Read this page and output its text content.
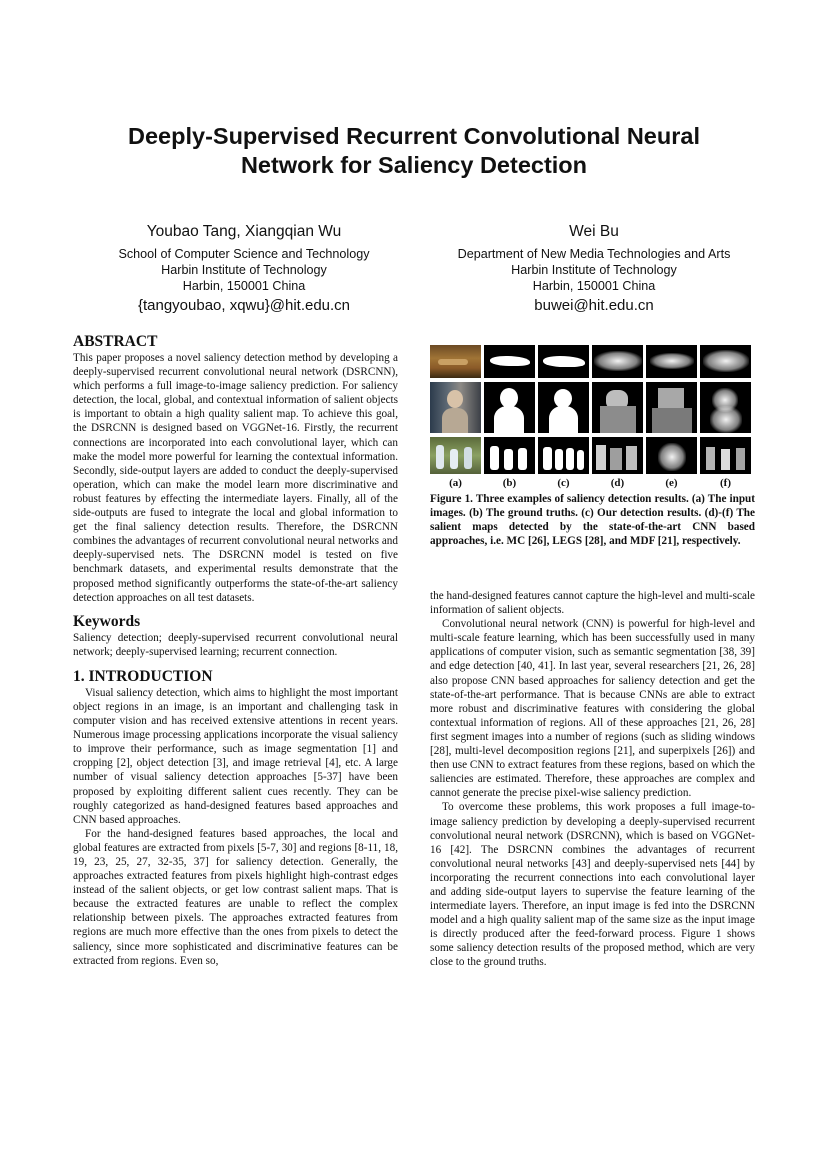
Deeply-Supervised Recurrent Convolutional Neural
Network for Saliency Detection
Youbao Tang, Xiangqian Wu
School of Computer Science and Technology
Harbin Institute of Technology
Harbin, 150001 China
{tangyoubao, xqwu}@hit.edu.cn
Wei Bu
Department of New Media Technologies and Arts
Harbin Institute of Technology
Harbin, 150001 China
buwei@hit.edu.cn
ABSTRACT

This paper proposes a novel saliency detection method by developing a deeply-supervised recurrent convolutional neural network (DSRCNN), which performs a full image-to-image saliency prediction. For saliency detection, the local, global, and contextual information of salient objects is important to obtain a high quality salient map. To achieve this goal, the DSRCNN is designed based on VGGNet-16. Firstly, the recurrent connections are incorporated into each convolutional layer, which can make the model more powerful for learning the contextual information. Secondly, side-output layers are added to conduct the deeply-supervised operation, which can make the model learn more discriminative and robust features by effecting the intermediate layers. Finally, all of the side-outputs are fused to integrate the local and global information to get the final saliency detection results. Therefore, the DSRCNN combines the advantages of recurrent convolutional neural networks and deeply-supervised nets. The DSRCNN model is tested on five benchmark datasets, and experimental results demonstrate that the proposed method significantly outperforms the state-of-the-art saliency detection approaches on all test datasets.

Keywords

Saliency detection; deeply-supervised recurrent convolutional neural network; deeply-supervised learning; recurrent connection.

1. INTRODUCTION

Visual saliency detection, which aims to highlight the most important object regions in an image, is an important and challenging task in computer vision and has received extensive attentions in recent years. Numerous image processing applications incorporate the visual saliency to improve their performance, such as image segmentation [1] and cropping [2], object detection [3], and image retrieval [4], etc. A large number of visual saliency detection approaches [5-37] have been proposed by exploiting different salient cues recently. They can be roughly categorized as hand-designed features based approaches and CNN based approaches.

For the hand-designed features based approaches, the local and global features are extracted from pixels [5-7, 30] and regions [8-11, 18, 19, 23, 25, 27, 32-35, 37] for saliency detection. Generally, the approaches extracted features from pixels highlight high-contrast edges instead of the salient objects, or get low contrast salient maps. That is because the extracted features are unable to reflect the complex relationship between pixels. The approaches extracted features from regions are much more effective than the ones from pixels to detect the saliency, since more sophisticated and discriminative features can be extracted from regions. Even so,

(a)	(b)	(c)	(d)	(e)	(f)
Figure 1. Three examples of saliency detection results. (a) The input images. (b) The ground truths. (c) Our detection results. (d)-(f) The salient maps detected by the state-of-the-art CNN based approaches, i.e. MC [26], LEGS [28], and MDF [21], respectively.

the hand-designed features cannot capture the high-level and multi-scale information of salient objects.

Convolutional neural network (CNN) is powerful for high-level and multi-scale feature learning, which has been successfully used in many applications of computer vision, such as semantic segmentation [38, 39] and edge detection [40, 41]. In last year, several researchers [21, 26, 28] also propose CNN based approaches for saliency detection and get the state-of-the-art performance. That is because CNNs are able to extract more robust and discriminative features with considering the global contextual information of regions. All of these approaches [21, 26, 28] first segment images into a number of regions (such as sliding windows [28], multi-level decomposition regions [21], and superpixels [26]) and then use CNN to extract features from these regions, based on which the saliencies are estimated. Therefore, these approaches are complex and cannot generate the precise pixel-wise saliency prediction.

To overcome these problems, this work proposes a full image-to-image saliency prediction by developing a deeply-supervised recurrent convolutional neural network (DSRCNN), which is based on VGGNet-16 [42]. The DSRCNN combines the advantages of recurrent convolutional neural networks [43] and deeply-supervised nets [44] by incorporating the recurrent connections into each convolutional layer and adding side-output layers to supervise the feature learning of the intermediate layers. Therefore, an input image is fed into the DSRCNN model and a high quality salient map of the same size as the input image is directly produced after the feed-forward process. Figure 1 shows some saliency detection results of the proposed method, which are very close to the ground truths.
